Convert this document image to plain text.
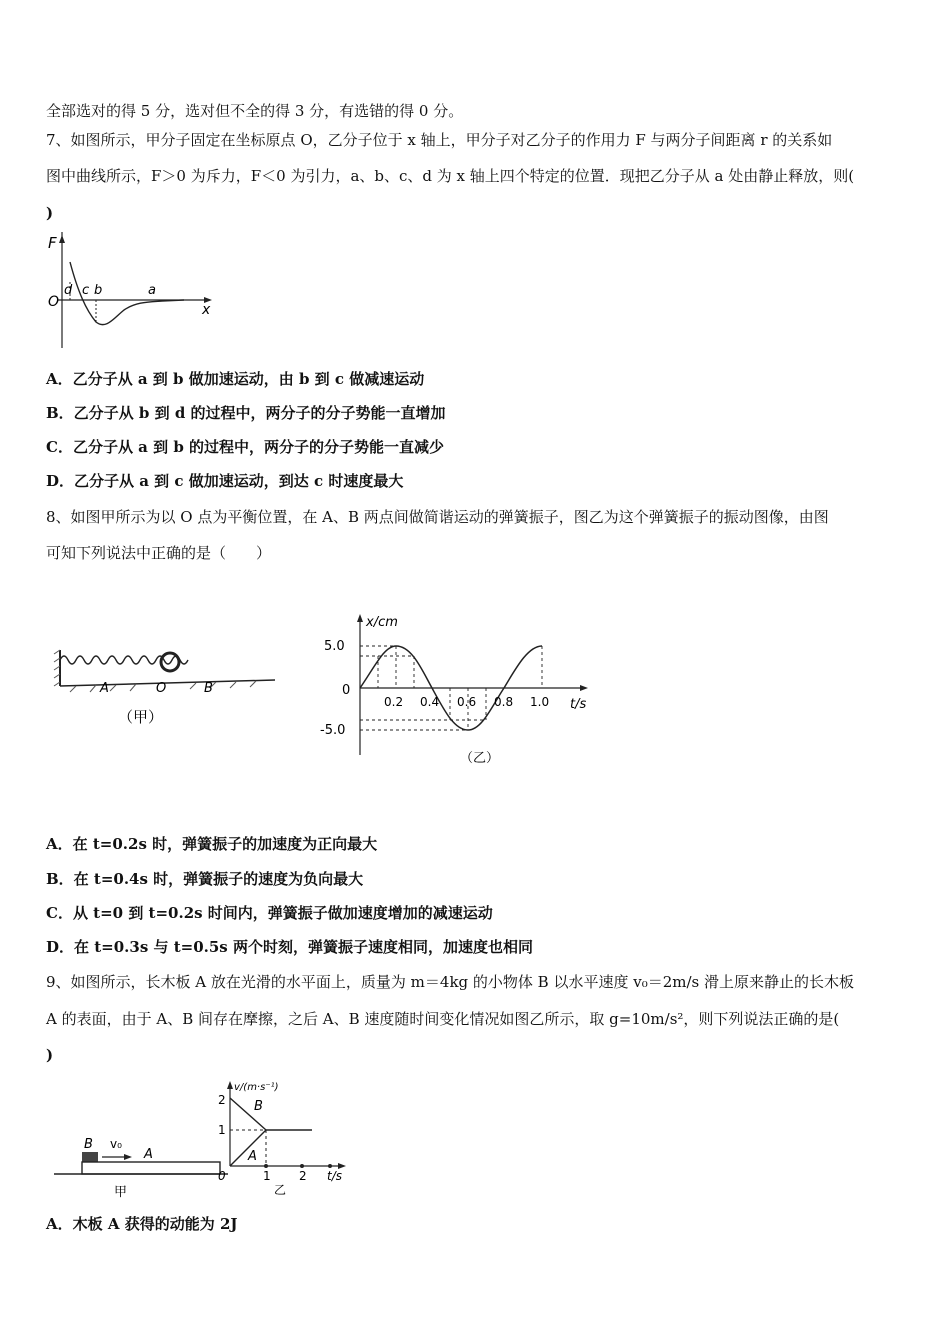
全部选对的得 5 分，选对但不全的得 3 分，有选错的得 0 分。
7、如图所示，甲分子固定在坐标原点 O，乙分子位于 x 轴上，甲分子对乙分子的作用力 F 与两分子间距离 r 的关系如
图中曲线所示，F＞0 为斥力，F＜0 为引力，a、b、c、d 为 x 轴上四个特定的位置．现把乙分子从 a 处由静止释放，则(
)
F
O	x
d c b	a
A．乙分子从 a 到 b 做加速运动，由 b 到 c 做减速运动
B．乙分子从 b 到 d 的过程中，两分子的分子势能一直增加
C．乙分子从 a 到 b 的过程中，两分子的分子势能一直减少
D．乙分子从 a 到 c 做加速运动，到达 c 时速度最大
8、如图甲所示为以 O 点为平衡位置，在 A、B 两点间做简谐运动的弹簧振子，图乙为这个弹簧振子的振动图像，由图
可知下列说法中正确的是（　　）
A	O	B
（甲）
x/cm
t/s
0
5.0
-5.0
0.2 0.4 0.6 0.8 1.0
（乙）
A．在 t=0.2s 时，弹簧振子的加速度为正向最大
B．在 t=0.4s 时，弹簧振子的速度为负向最大
C．从 t=0 到 t=0.2s 时间内，弹簧振子做加速度增加的减速运动
D．在 t=0.3s 与 t=0.5s 两个时刻，弹簧振子速度相同，加速度也相同
9、如图所示，长木板 A 放在光滑的水平面上，质量为 m＝4kg 的小物体 B 以水平速度 v₀＝2m/s 滑上原来静止的长木板
A 的表面，由于 A、B 间存在摩擦，之后 A、B 速度随时间变化情况如图乙所示，取 g=10m/s²，则下列说法正确的是(
)
B v₀
A
甲
v/(m·s⁻¹)
2
1
0	1 2 t/s
B
A
乙
A．木板 A 获得的动能为 2J
